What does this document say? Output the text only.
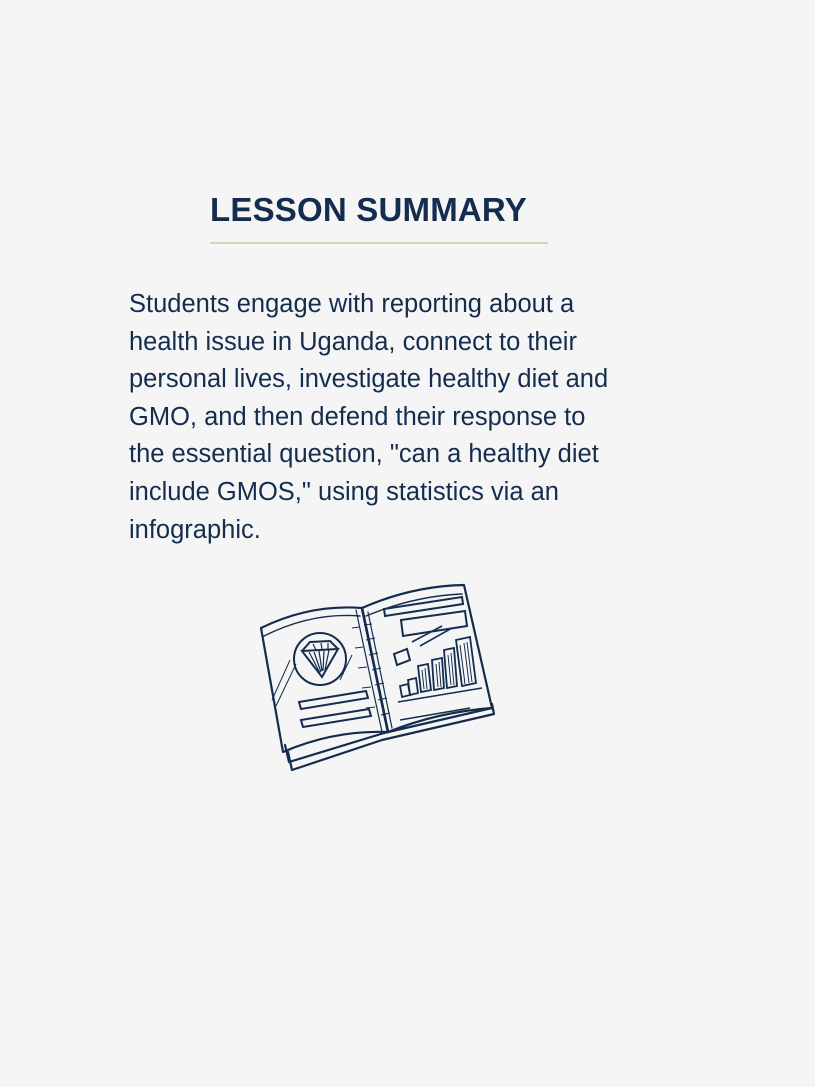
LESSON SUMMARY

Students engage with reporting about a health issue in Uganda, connect to their personal lives, investigate healthy diet and GMO, and then defend their response to the essential question, "can a healthy diet include GMOS," using statistics via an infographic.
